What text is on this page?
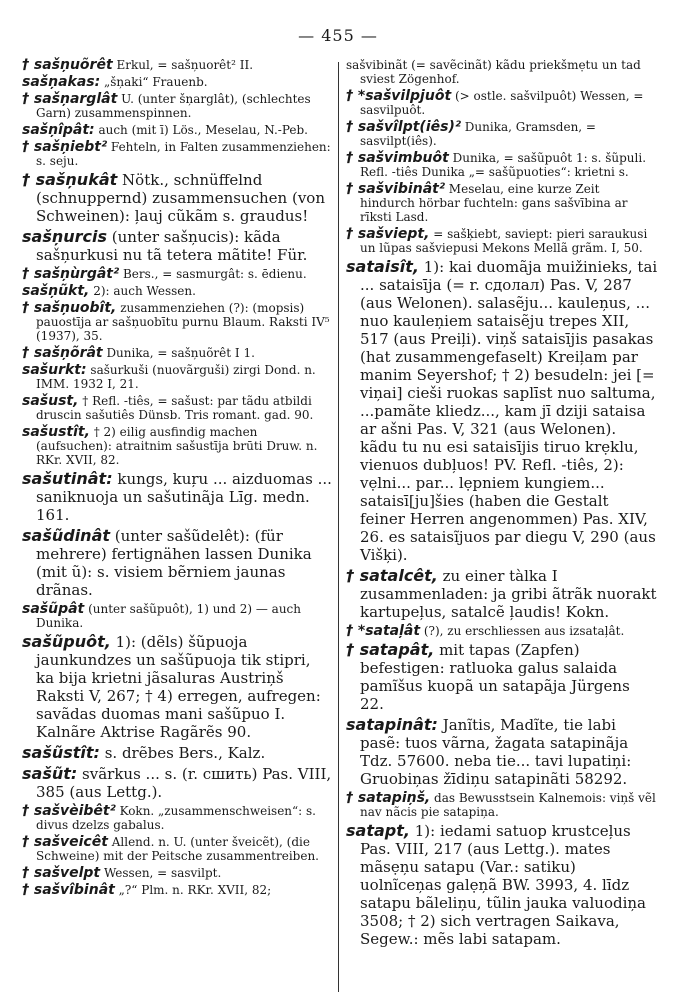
— 455 —
† sašņuõrêt Erkul, = sašņuorêt² II.
sašņakas: „šņaki“ Frauenb.
† sašņarglât U. (unter šņarglât), (schlechtes Garn) zusammenspinnen.
sašņîpât: auch (mit ī) Lös., Meselau, N.-Peb.
† sašņiebt² Fehteln, in Falten zusammenziehen: s. seju.
† sašņukât Nötk., schnüffelnd (schnuppernd) zusammensuchen (von Schweinen): ļauj cũkãm s. graudus!
sašņurcis (unter sašņucis): kãda sašņurkusi nu tã tetera mãtite! Für.
† sašņùrgât² Bers., = sasmurgât: s. ēdienu.
sašņũkt, 2): auch Wessen.
† sašņuobît, zusammenziehen (?): (mopsis) pauostīja ar sašņuobītu purnu Blaum. Raksti IV⁵ (1937), 35.
† sašņõrât Dunika, = sašņuõrêt I 1.
sašurkt: sašurkuši (nuovãrguši) zirgi Dond. n. IMM. 1932 I, 21.
sašust, † Refl. -tiês, = sašust: par tãdu atbildi druscin sašutiês Dünsb. Tris romant. gad. 90.
sašustît, † 2) eilig ausfindig machen (aufsuchen): atraitnim sašustīja brūti Druw. n. RKr. XVII, 82.
sašutinât: kungs, kuŗu ... aizduomas ... saniknuoja un sašutinãja Līg. medn. 161.
sašũdinât (unter sašũdelêt): (für mehrere) fertignähen lassen Dunika (mit ũ): s. visiem bẽrniem jaunas drãnas.
sašũpât (unter sašũpuôt), 1) und 2) — auch Dunika.
sašũpuôt, 1): (dẽls) šũpuoja jaunkundzes un sašũpuoja tik stipri, ka bija krietni jãsaluras Austriņš Raksti V, 267; † 4) erregen, aufregen: savãdas duomas mani sašũpuo I. Kalnãre Aktrise Ragãrẽs 90.
sašũstît: s. drẽbes Bers., Kalz.
sašũt: svãrkus ... s. (r. сшить) Pas. VIII, 385 (aus Lettg.).
† sašvèibêt² Kokn. „zusammenschweisen“: s. divus dzelzs gabalus.
† sašveicêt Allend. n. U. (unter šveicẽt), (die Schweine) mit der Peitsche zusammentreiben.
† sašvelpt Wessen, = sasvilpt.
† sašvîbinât „?“ Plm. n. RKr. XVII, 82;
sašvibinãt (= savẽcinãt) kãdu priekšmẹtu un tad sviest Zögenhof.
† *sašvilpjuôt (> ostle. sašvilpuôt) Wessen, = sasvilpuôt.
† sašvîlpt(iês)² Dunika, Gramsden, = sasvilpt(iês).
† sašvimbuôt Dunika, = sašũpuôt 1: s. šũpuli. Refl. -tiês Dunika „= sašũpuoties“: krietni s.
† sašvibinât² Meselau, eine kurze Zeit hindurch hörbar fuchteln: gans sašvībina ar rīksti Lasd.
† sašviept, = sašķiebt, saviept: pieri saraukusi un lũpas sašviepusi Mekons Mellã grãm. I, 50.
sataisît, 1): kai duomãja muižinieks, tai ... sataisīja (= r. сдолал) Pas. V, 287 (aus Welonen). salasẽju... kauleņus, ... nuo kauleņiem sataisẽju trepes XII, 517 (aus Preiļi). viņš sataisījis pasakas (hat zusammengefaselt) Kreiļam par manim Seyershof; † 2) besudeln: jei [= viņai] cieši ruokas saplīst nuo saltuma, ...pamãte kliedz..., kam jī dziji sataisa ar ašni Pas. V, 321 (aus Welonen). kãdu tu nu esi sataisījis tiruo krẹklu, vienuos dubļuos! PV. Refl. -tiês, 2): vẹlni... par... lẹpniem kungiem... sataisī[ju]šies (haben die Gestalt feiner Herren angenommen) Pas. XIV, 26. es sataisĩjuos par diegu V, 290 (aus Višķi).
† satalcêt, zu einer tàlka I zusammenladen: ja gribi ãtrãk nuorakt kartupeļus, satalcẽ ļaudis! Kokn.
† *sataļât (?), zu erschliessen aus izsataļât.
† satapât, mit tapas (Zapfen) befestigen: ratluoka galus salaida pamĩšus kuopã un satapãja Jürgens 22.
satapinât: Janĩtis, Madĩte, tie labi pasẽ: tuos vãrna, žagata satapinãja Tdz. 57600. neba tie... tavi lupatiņi: Gruobiņas žīdiņu satapinãti 58292.
† satapiņš, das Bewusstsein Kalnemois: viņš vẽl nav nãcis pie satapiņa.
satapt, 1): iedami satuop krustceļus Pas. VIII, 217 (aus Lettg.). mates mãsẹņu satapu (Var.: satiku) uolnĩceņas galẹņã BW. 3993, 4. līdz satapu bãleliņu, tũlin jauka valuodiņa 3508; † 2) sich vertragen Saikava, Segew.: mẽs labi satapam.
